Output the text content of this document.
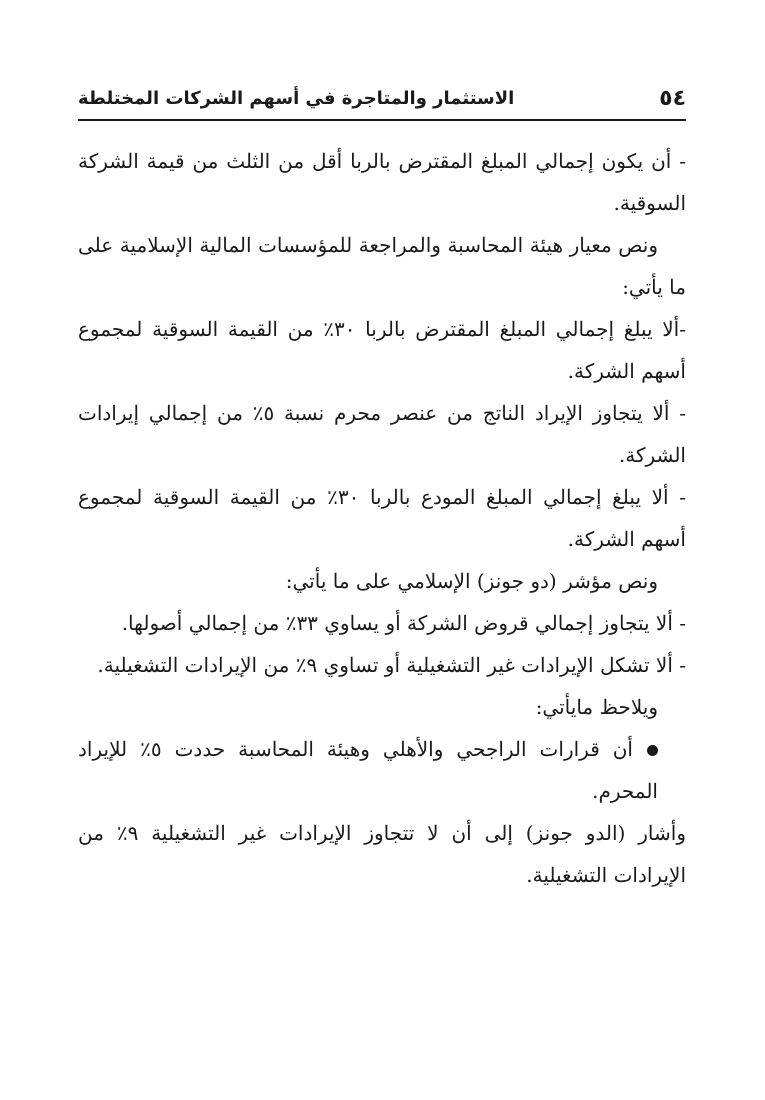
٥٤
الاستثمار والمتاجرة في أسهم الشركات المختلطة

- أن يكون إجمالي المبلغ المقترض بالربا أقل من الثلث من قيمة الشركة السوقية.

ونص معيار هيئة المحاسبة والمراجعة للمؤسسات المالية الإسلامية على ما يأتي:

-ألا يبلغ إجمالي المبلغ المقترض بالربا ٣٠٪ من القيمة السوقية لمجموع أسهم الشركة.

- ألا يتجاوز الإيراد الناتج من عنصر محرم نسبة ٥٪ من إجمالي إيرادات الشركة.

- ألا يبلغ إجمالي المبلغ المودع بالربا ٣٠٪ من القيمة السوقية لمجموع أسهم الشركة.

ونص مؤشر (دو جونز) الإسلامي على ما يأتي:

- ألا يتجاوز إجمالي قروض الشركة أو يساوي ٣٣٪ من إجمالي أصولها.

- ألا تشكل الإيرادات غير التشغيلية أو تساوي ٩٪ من الإيرادات التشغيلية.

ويلاحظ مايأتي:

أن قرارات الراجحي والأهلي وهيئة المحاسبة حددت ٥٪ للإيراد المحرم.

وأشار (الدو جونز) إلى أن لا تتجاوز الإيرادات غير التشغيلية ٩٪ من الإيرادات التشغيلية.
